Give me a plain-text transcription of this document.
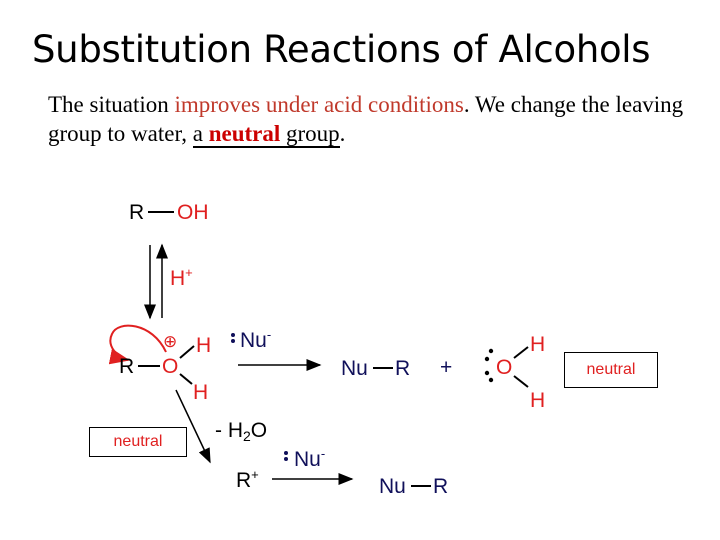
Substitution Reactions of Alcohols
The situation improves under acid conditions. We change the leaving group to water, a neutral group.
R OH
H+
R O
⊕ H
H
Nu-
Nu R + O
H
H
- $H_2O$
R+
Nu-
Nu R
neutral
neutral
